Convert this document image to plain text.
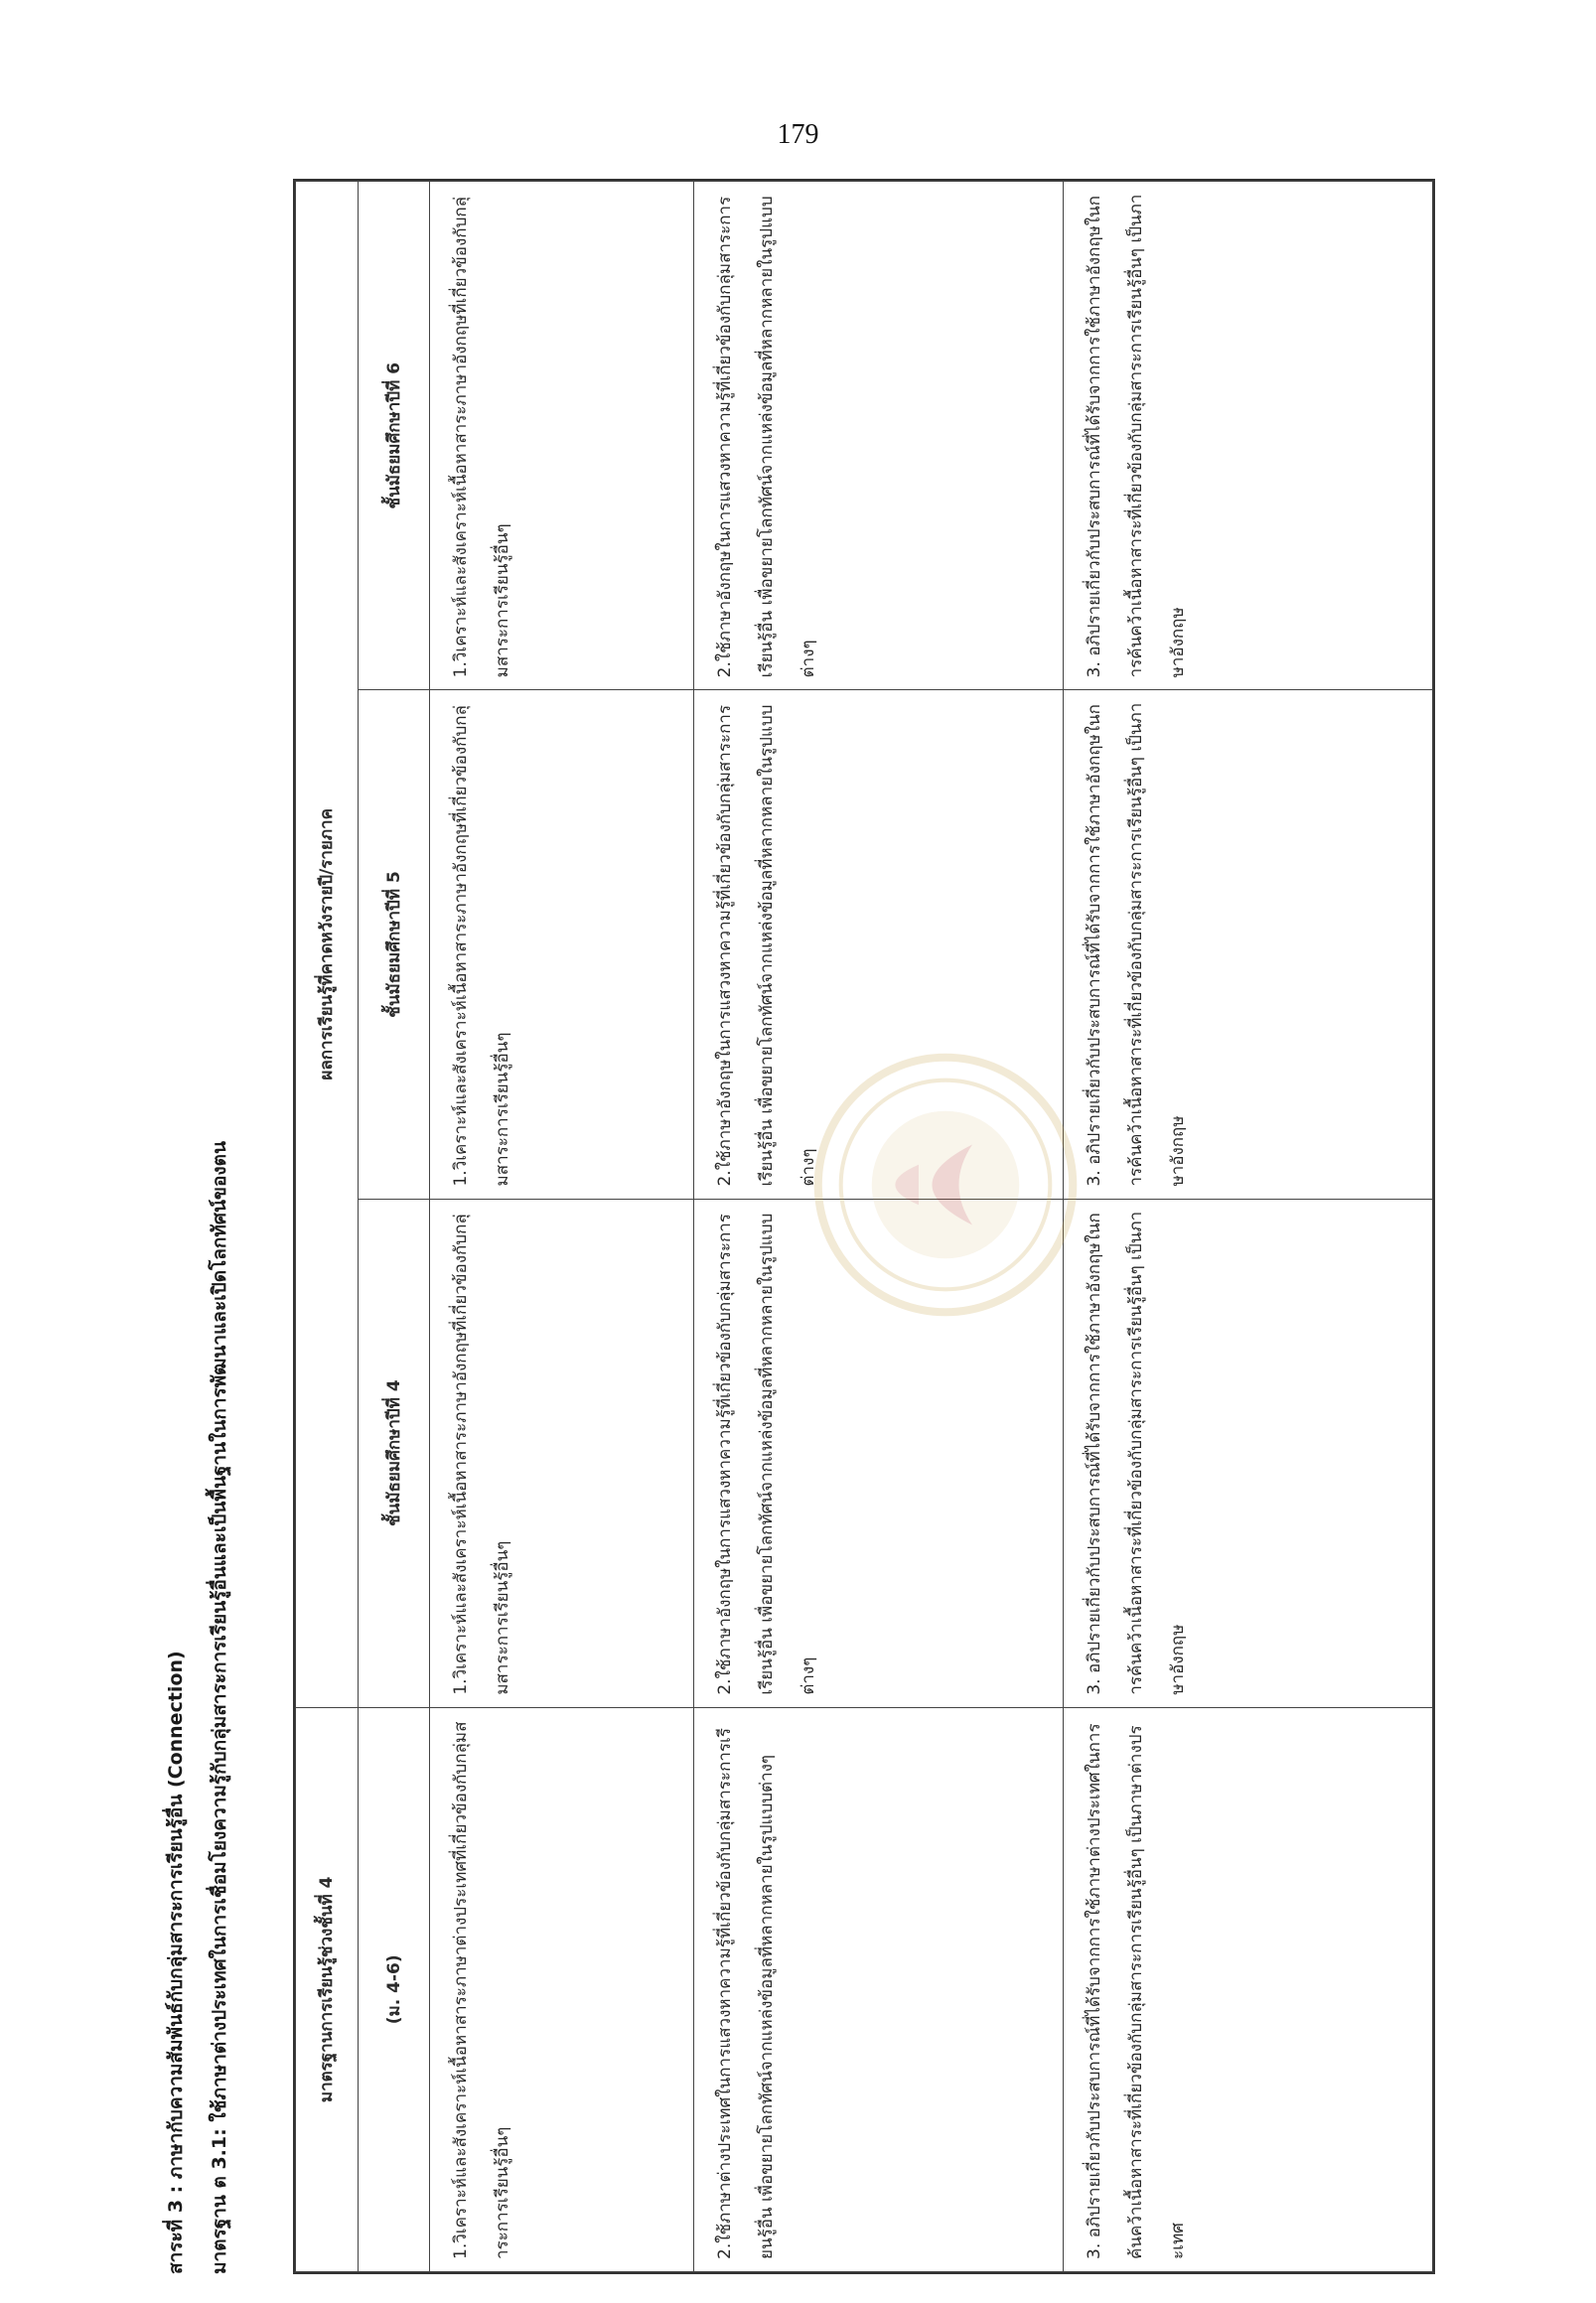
179
สาระที่ 3 : ภาษากับความสัมพันธ์กับกลุ่มสาระการเรียนรู้อื่น (Connection)	มาตรฐาน ต 3.1: ใช้ภาษาต่างประเทศในการเชื่อมโยงความรู้กับกลุ่มสาระการเรียนรู้อื่นและเป็นพื้นฐานในการพัฒนาและเปิดโลกทัศน์ของตน	มาตรฐานการเรียนรู้ช่วงชั้นที่ 4	ผลการเรียนรู้ที่คาดหวังรายปี/รายภาค		
(ม. 4-6)	ชั้นมัธยมศึกษาปีที่ 4	ชั้นมัธยมศึกษาปีที่ 5	ชั้นมัธยมศึกษาปีที่ 6
1.วิเคราะห์และสังเคราะห์เนื้อหาสาระภาษาต่างประเทศที่เกี่ยวข้องกับกลุ่มสาระการเรียนรู้อื่นๆ	1.วิเคราะห์และสังเคราะห์เนื้อหาสาระภาษาอังกฤษที่เกี่ยวข้องกับกลุ่มสาระการเรียนรู้อื่นๆ	1.วิเคราะห์และสังเคราะห์เนื้อหาสาระภาษาอังกฤษที่เกี่ยวข้องกับกลุ่มสาระการเรียนรู้อื่นๆ	1.วิเคราะห์และสังเคราะห์เนื้อหาสาระภาษาอังกฤษที่เกี่ยวข้องกับกลุ่มสาระการเรียนรู้อื่นๆ
2.ใช้ภาษาต่างประเทศในการแสวงหาความรู้ที่เกี่ยวข้องกับกลุ่มสาระการเรียนรู้อื่น เพื่อขยายโลกทัศน์จากแหล่งข้อมูลที่หลากหลายในรูปแบบต่างๆ	2.ใช้ภาษาอังกฤษในการแสวงหาความรู้ที่เกี่ยวข้องกับกลุ่มสาระการเรียนรู้อื่น เพื่อขยายโลกทัศน์จากแหล่งข้อมูลที่หลากหลายในรูปแบบต่างๆ	2.ใช้ภาษาอังกฤษในการแสวงหาความรู้ที่เกี่ยวข้องกับกลุ่มสาระการเรียนรู้อื่น เพื่อขยายโลกทัศน์จากแหล่งข้อมูลที่หลากหลายในรูปแบบต่างๆ	2.ใช้ภาษาอังกฤษในการแสวงหาความรู้ที่เกี่ยวข้องกับกลุ่มสาระการเรียนรู้อื่น เพื่อขยายโลกทัศน์จากแหล่งข้อมูลที่หลากหลายในรูปแบบต่างๆ
3. อภิปรายเกี่ยวกับประสบการณ์ที่ได้รับจากการใช้ภาษาต่างประเทศในการค้นคว้าเนื้อหาสาระที่เกี่ยวข้องกับกลุ่มสาระการเรียนรู้อื่นๆ เป็นภาษาต่างประเทศ	3. อภิปรายเกี่ยวกับประสบการณ์ที่ได้รับจากการใช้ภาษาอังกฤษในการค้นคว้าเนื้อหาสาระที่เกี่ยวข้องกับกลุ่มสาระการเรียนรู้อื่นๆ เป็นภาษาอังกฤษ	3. อภิปรายเกี่ยวกับประสบการณ์ที่ได้รับจากการใช้ภาษาอังกฤษในการค้นคว้าเนื้อหาสาระที่เกี่ยวข้องกับกลุ่มสาระการเรียนรู้อื่นๆ เป็นภาษาอังกฤษ	3. อภิปรายเกี่ยวกับประสบการณ์ที่ได้รับจากการใช้ภาษาอังกฤษในการค้นคว้าเนื้อหาสาระที่เกี่ยวข้องกับกลุ่มสาระการเรียนรู้อื่นๆ เป็นภาษาอังกฤษ
